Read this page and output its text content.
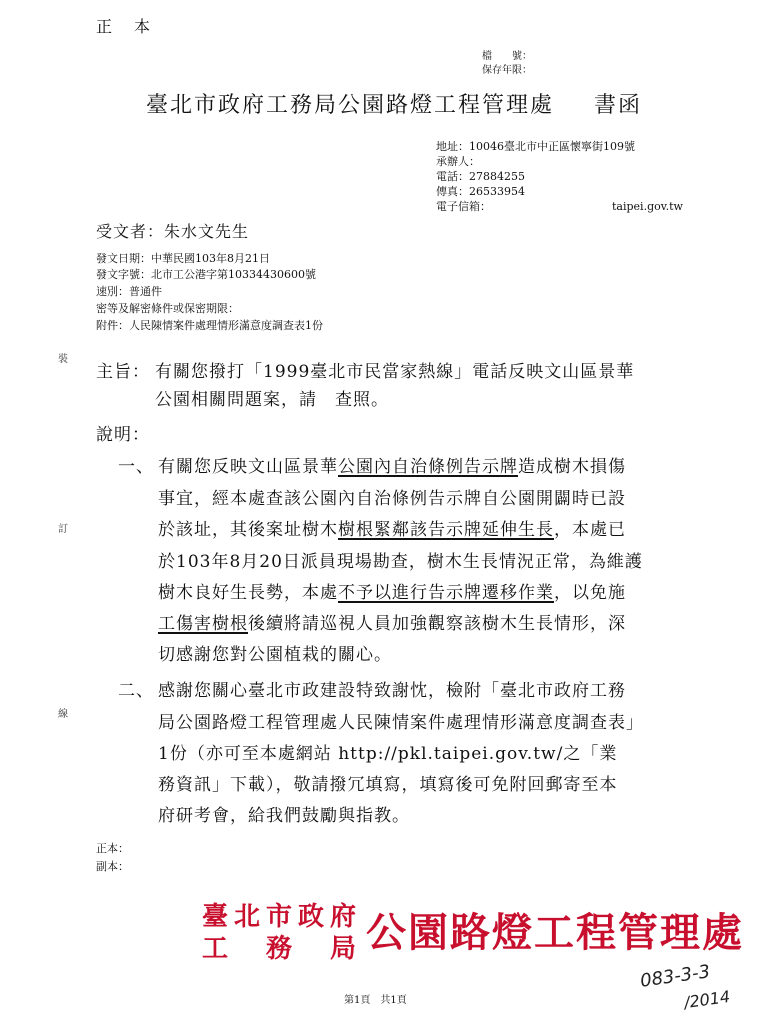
正　本
檔　　號：
保存年限：
臺北市政府工務局公園路燈工程管理處 書函
地址：10046臺北市中正區懷寧街109號
承辦人：
電話：27884255
傳真：26533954
電子信箱：	taipei.gov.tw
受文者：朱水文先生
發文日期：中華民國103年8月21日
發文字號：北市工公港字第10334430600號
速別：普通件
密等及解密條件或保密期限：
附件：人民陳情案件處理情形滿意度調查表1份
裝
訂
線
主旨： 有關您撥打「1999臺北市民當家熱線」電話反映文山區景華
公園相關問題案，請　查照。
說明：
一、 有關您反映文山區景華公園內自治條例告示牌造成樹木損傷
事宜，經本處查該公園內自治條例告示牌自公園開闢時已設
於該址，其後案址樹木樹根緊鄰該告示牌延伸生長，本處已
於103年8月20日派員現場勘查，樹木生長情況正常，為維護
樹木良好生長勢，本處不予以進行告示牌遷移作業，以免施
工傷害樹根後續將請巡視人員加強觀察該樹木生長情形，深
切感謝您對公園植栽的關心。
二、 感謝您關心臺北市政建設特致謝忱，檢附「臺北市政府工務
局公園路燈工程管理處人民陳情案件處理情形滿意度調查表」
1份（亦可至本處網站 http://pkl.taipei.gov.tw/之「業
務資訊」下載），敬請撥冗填寫，填寫後可免附回郵寄至本
府研考會，給我們鼓勵與指教。
正本：
副本：
臺北市政府
工　務　局 公園路燈工程管理處
083-3-3
/2014
第1頁　共1頁
